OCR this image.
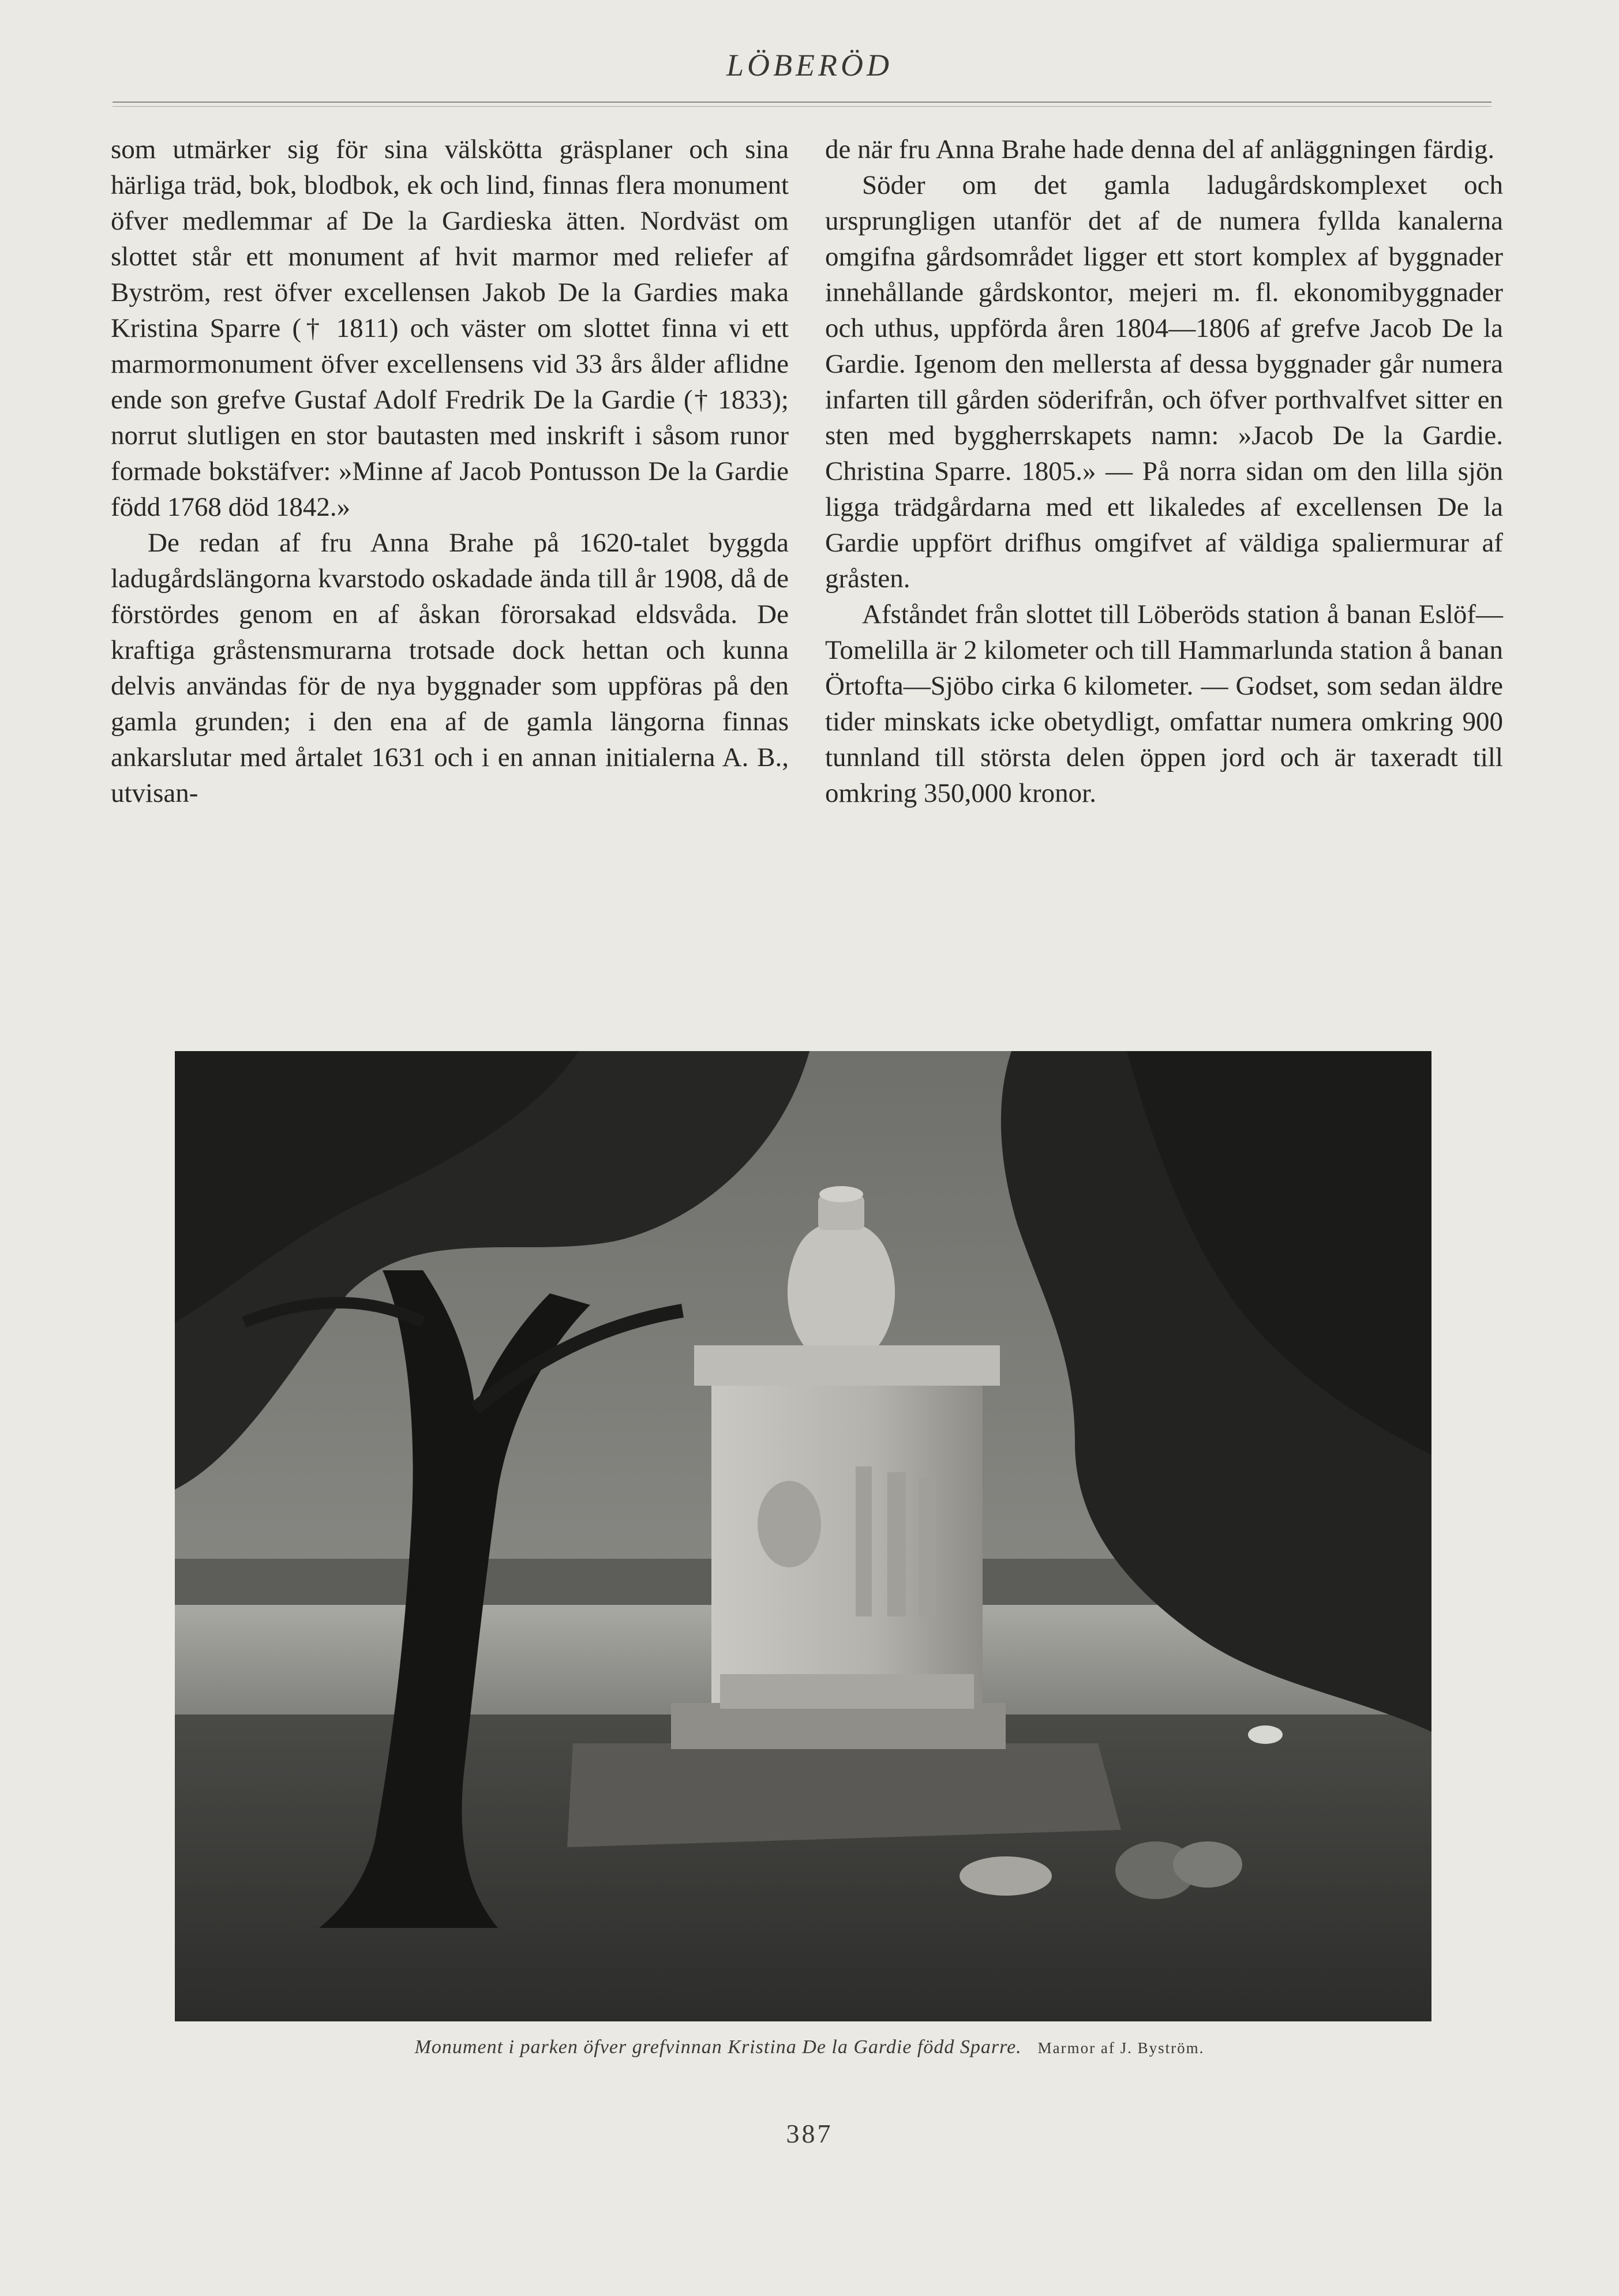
LÖBERÖD

som utmärker sig för sina välskötta gräsplaner och sina härliga träd, bok, blodbok, ek och lind, finnas flera monument öfver medlemmar af De la Gardieska ätten. Nordväst om slottet står ett monument af hvit marmor med reliefer af Byström, rest öfver excellensen Jakob De la Gardies maka Kristina Sparre († 1811) och väster om slottet finna vi ett marmormonument öfver excellensens vid 33 års ålder aflidne ende son grefve Gustaf Adolf Fredrik De la Gardie († 1833); norrut slutligen en stor bautasten med inskrift i såsom runor formade bokstäfver: »Minne af Jacob Pontusson De la Gardie född 1768 död 1842.»

De redan af fru Anna Brahe på 1620-talet byggda ladugårdslängorna kvarstodo oskadade ända till år 1908, då de förstördes genom en af åskan förorsakad eldsvåda. De kraftiga gråstensmurarna trotsade dock hettan och kunna delvis användas för de nya byggnader som uppföras på den gamla grunden; i den ena af de gamla längorna finnas ankarslutar med årtalet 1631 och i en annan initialerna A. B., utvisan-

de när fru Anna Brahe hade denna del af anläggningen färdig.

Söder om det gamla ladugårdskomplexet och ursprungligen utanför det af de numera fyllda kanalerna omgifna gårdsområdet ligger ett stort komplex af byggnader innehållande gårdskontor, mejeri m. fl. ekonomibyggnader och uthus, uppförda åren 1804—1806 af grefve Jacob De la Gardie. Igenom den mellersta af dessa byggnader går numera infarten till gården söderifrån, och öfver porthvalfvet sitter en sten med byggherrskapets namn: »Jacob De la Gardie. Christina Sparre. 1805.» — På norra sidan om den lilla sjön ligga trädgårdarna med ett likaledes af excellensen De la Gardie uppfört drifhus omgifvet af väldiga spaliermurar af gråsten.

Afståndet från slottet till Löberöds station å banan Eslöf—Tomelilla är 2 kilometer och till Hammarlunda station å banan Örtofta—Sjöbo cirka 6 kilometer. — Godset, som sedan äldre tider minskats icke obetydligt, omfattar numera omkring 900 tunnland till största delen öppen jord och är taxeradt till omkring 350,000 kronor.

Monument i parken öfver grefvinnan Kristina De la Gardie född Sparre. Marmor af J. Byström.
387
